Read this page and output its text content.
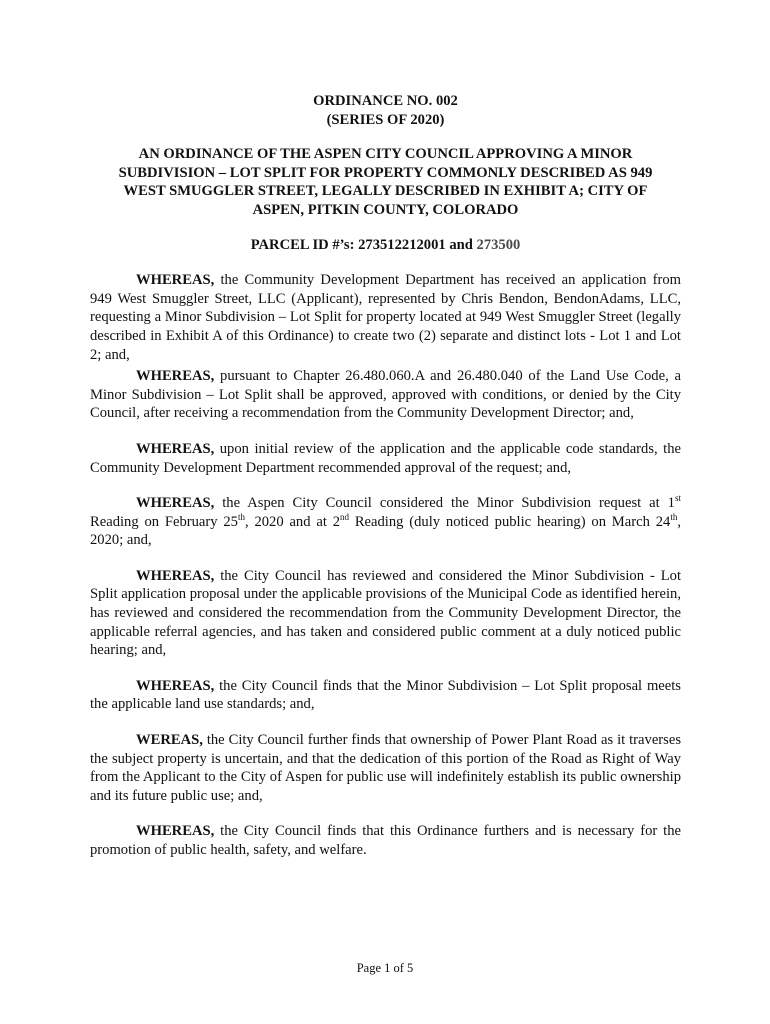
ORDINANCE NO. 002
(SERIES OF 2020)
AN ORDINANCE OF THE ASPEN CITY COUNCIL APPROVING A MINOR
SUBDIVISION – LOT SPLIT FOR PROPERTY COMMONLY DESCRIBED AS 949
WEST SMUGGLER STREET, LEGALLY DESCRIBED IN EXHIBIT A; CITY OF
ASPEN, PITKIN COUNTY, COLORADO
PARCEL ID #’s: 273512212001 and 273500

WHEREAS, the Community Development Department has received an application from 949 West Smuggler Street, LLC (Applicant), represented by Chris Bendon, BendonAdams, LLC, requesting a Minor Subdivision – Lot Split for property located at 949 West Smuggler Street (legally described in Exhibit A of this Ordinance) to create two (2) separate and distinct lots - Lot 1 and Lot 2; and,

WHEREAS, pursuant to Chapter 26.480.060.A and 26.480.040 of the Land Use Code, a Minor Subdivision – Lot Split shall be approved, approved with conditions, or denied by the City Council, after receiving a recommendation from the Community Development Director; and,

WHEREAS, upon initial review of the application and the applicable code standards, the Community Development Department recommended approval of the request; and,

WHEREAS, the Aspen City Council considered the Minor Subdivision request at 1st Reading on February 25th, 2020 and at 2nd Reading (duly noticed public hearing) on March 24th, 2020; and,

WHEREAS, the City Council has reviewed and considered the Minor Subdivision - Lot Split application proposal under the applicable provisions of the Municipal Code as identified herein, has reviewed and considered the recommendation from the Community Development Director, the applicable referral agencies, and has taken and considered public comment at a duly noticed public hearing; and,

WHEREAS, the City Council finds that the Minor Subdivision – Lot Split proposal meets the applicable land use standards; and,

WEREAS, the City Council further finds that ownership of Power Plant Road as it traverses the subject property is uncertain, and that the dedication of this portion of the Road as Right of Way from the Applicant to the City of Aspen for public use will indefinitely establish its public ownership and its future public use; and,

WHEREAS, the City Council finds that this Ordinance furthers and is necessary for the promotion of public health, safety, and welfare.

Page 1 of 5
